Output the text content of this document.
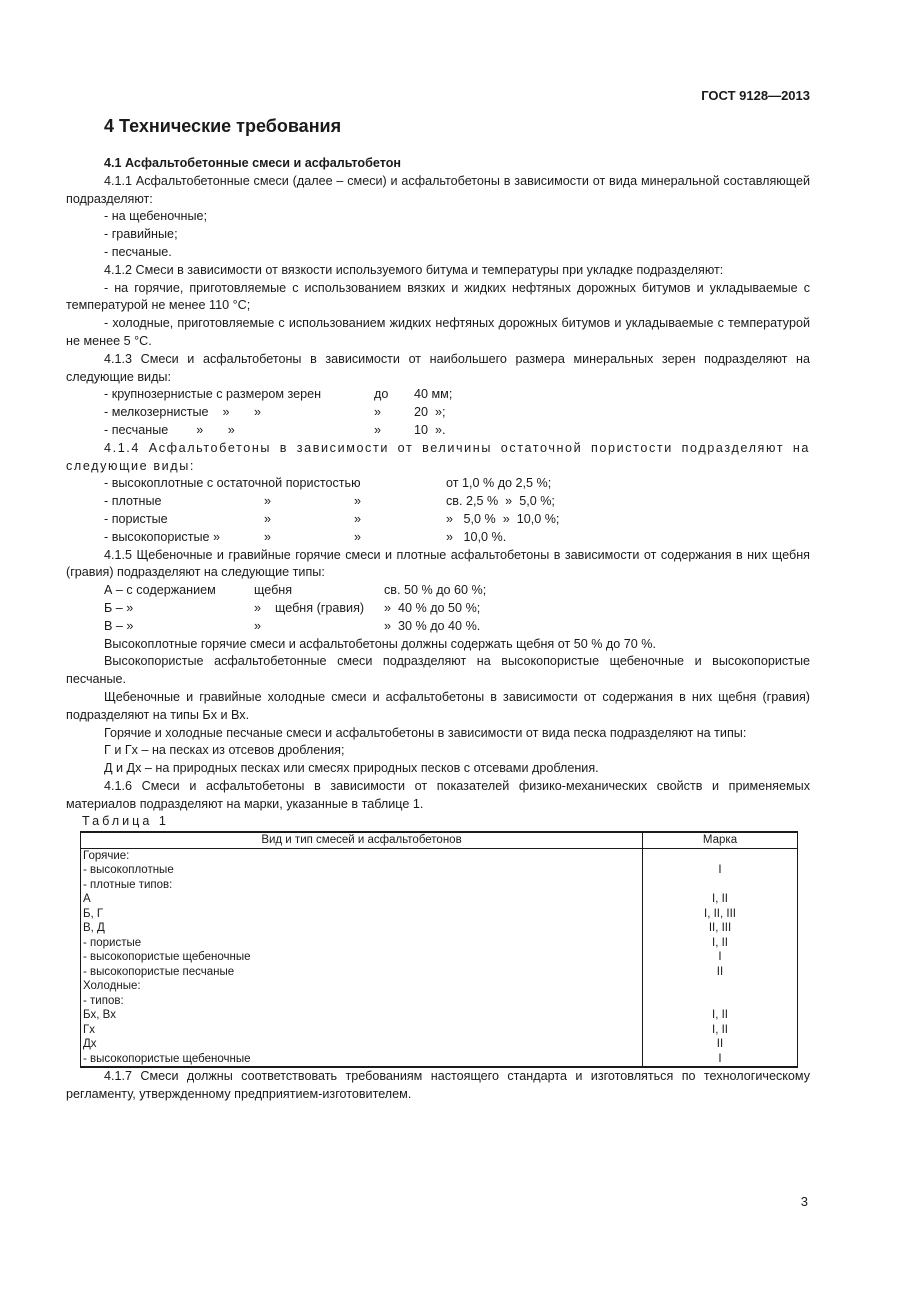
ГОСТ 9128—2013
4 Технические требования

4.1 Асфальтобетонные смеси и асфальтобетон

4.1.1 Асфальтобетонные смеси (далее – смеси) и асфальтобетоны в зависимости от вида минеральной составляющей подразделяют:

- на щебеночные;

- гравийные;

- песчаные.

4.1.2 Смеси в зависимости от вязкости используемого битума и температуры при укладке подразделяют:

- на горячие, приготовляемые с использованием вязких и жидких нефтяных дорожных битумов и укладываемые с температурой не менее 110 °С;

- холодные, приготовляемые с использованием жидких нефтяных дорожных битумов и укладываемые с температурой не менее 5 °С.

4.1.3 Смеси и асфальтобетоны в зависимости от наибольшего размера минеральных зерен подразделяют на следующие виды:

- крупнозернистые с размером зерен	до	40 мм;
- мелкозернистые    »       »	»	20  »;
- песчаные        »       »	»	10  ».

4.1.4 Асфальтобетоны в зависимости от величины остаточной пористости подразделяют на следующие виды:

- высокоплотные с остаточной пористостью	от 1,0 % до 2,5 %;
- плотные	»	»	св. 2,5 %  »  5,0 %;
- пористые	»	»	»   5,0 %  »  10,0 %;
- высокопористые »	»	»	»   10,0 %.

4.1.5 Щебеночные и гравийные горячие смеси и плотные асфальтобетоны в зависимости от содержания в них щебня (гравия) подразделяют на следующие типы:

А – с содержанием	щебня	св. 50 % до 60 %;
Б – »	»    щебня (гравия)	»  40 % до 50 %;
В – »	»	»  30 % до 40 %.

Высокоплотные горячие смеси и асфальтобетоны должны содержать щебня от 50 % до 70 %.

Высокопористые асфальтобетонные смеси подразделяют на высокопористые щебеночные и высокопористые песчаные.

Щебеночные и гравийные холодные смеси и асфальтобетоны в зависимости от содержания в них щебня (гравия) подразделяют на типы Бх и Вх.

Горячие и холодные песчаные смеси и асфальтобетоны в зависимости от вида песка подразделяют на типы:

Г и Гх – на песках из отсевов дробления;

Д и Дх – на природных песках или смесях природных песков с отсевами дробления.

4.1.6 Смеси и асфальтобетоны в зависимости от показателей физико-механических свойств и применяемых материалов подразделяют на марки, указанные в таблице 1.

Таблица 1

Вид и тип смесей и асфальтобетонов	Марка
Горячие:	
- высокоплотные	I
- плотные типов:	
А	I, II
Б, Г	I, II, III
В, Д	II, III
- пористые	I, II
- высокопористые щебеночные	I
- высокопористые песчаные	II
Холодные:	
- типов:	
Бх, Вх	I, II
Гх	I, II
Дх	II
- высокопористые щебеночные	I

4.1.7 Смеси должны соответствовать требованиям настоящего стандарта и изготовляться по технологическому регламенту, утвержденному предприятием-изготовителем.

3
